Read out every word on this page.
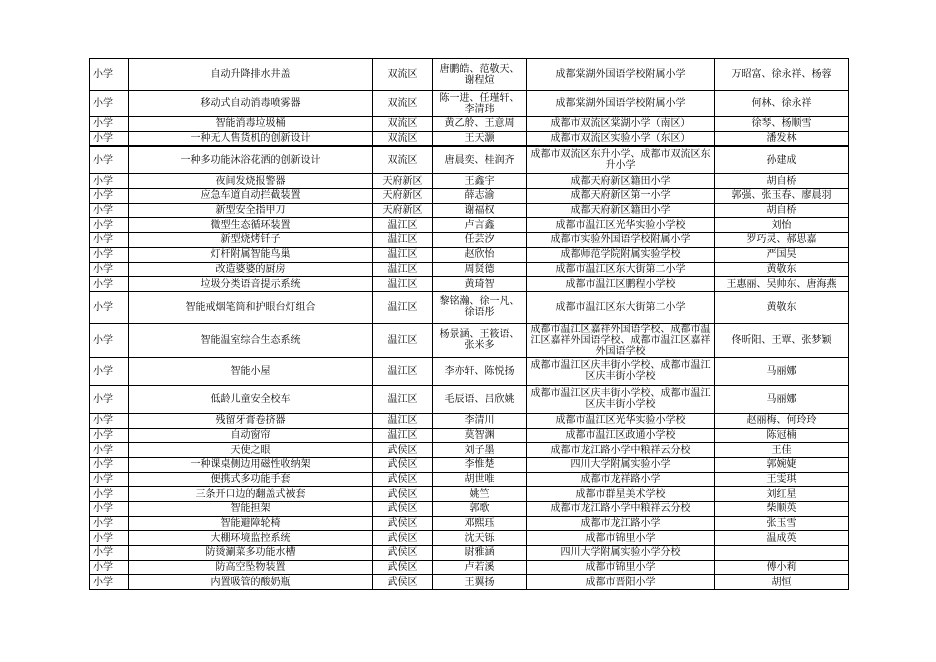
小学	自动升降排水井盖	双流区	唐鹏皓、范敬天、谢程煊	成都棠湖外国语学校附属小学	万昭富、徐永祥、杨蓉
小学	移动式自动消毒喷雾器	双流区	陈一进、任瑾轩、李清玮	成都棠湖外国语学校附属小学	何林、徐永祥
小学	智能消毒垃圾桶	双流区	黄乙舲、王意周	成都市双流区棠湖小学（南区）	徐琴、杨顺雪
小学	一种无人售货机的创新设计	双流区	王天灏	成都市双流区实验小学（东区）	潘发林
小学	一种多功能沐浴花洒的创新设计	双流区	唐晨奕、桂润齐	成都市双流区东升小学、成都市双流区东升小学	孙建成
小学	夜间发烧报警器	天府新区	王鑫宇	成都天府新区籍田小学	胡自桥
小学	应急车道自动拦截装置	天府新区	薛志渝	成都天府新区第一小学	郭强、张玉春、廖晨羽
小学	新型安全指甲刀	天府新区	谢福权	成都天府新区籍田小学	胡自桥
小学	微型生态循环装置	温江区	卢言鑫	成都市温江区光华实验小学校	刘怡
小学	新型烧烤钎子	温江区	任芸汐	成都市实验外国语学校附属小学	罗巧灵、郝思嘉
小学	灯杆附属智能鸟巢	温江区	赵欣怡	成都师范学院附属实验学校	严国昊
小学	改造婆婆的厨房	温江区	周贤德	成都市温江区东大街第二小学	黄敬东
小学	垃圾分类语音提示系统	温江区	黄琦智	成都市温江区鹏程小学校	王惠丽、吴帅东、唐海燕
小学	智能戒烟笔筒和护眼台灯组合	温江区	黎铭瀚、徐一凡、徐语彤	成都市温江区东大街第二小学	黄敬东
小学	智能温室综合生态系统	温江区	杨景涵、王筱语、张米多	成都市温江区嘉祥外国语学校、成都市温江区嘉祥外国语学校、成都市温江区嘉祥外国语学校	佟昕阳、王覃、张梦颖
小学	智能小屋	温江区	李亦轩、陈悦扬	成都市温江区庆丰街小学校、成都市温江区庆丰街小学校	马丽娜
小学	低龄儿童安全校车	温江区	毛辰语、吕欣姚	成都市温江区庆丰街小学校、成都市温江区庆丰街小学校	马丽娜
小学	残留牙膏卷挤器	温江区	李清川	成都市温江区光华实验小学校	赵丽梅、何玲玲
小学	自动窗帘	温江区	莫智渊	成都市温江区政通小学校	陈冠楠
小学	天使之眼	武侯区	刘子墨	成都市龙江路小学中粮祥云分校	王佳
小学	一种课桌侧边用磁性收纳架	武侯区	李惟楚	四川大学附属实验小学	郭婉婕
小学	便携式多功能手套	武侯区	胡世唯	成都市龙祥路小学	王雯琪
小学	三条开口边的翻盖式被套	武侯区	姚竺	成都市群星美术学校	刘红星
小学	智能担架	武侯区	郭歌	成都市龙江路小学中粮祥云分校	柴顺英
小学	智能避障轮椅	武侯区	邓熙珏	成都市龙江路小学	张玉雪
小学	大棚环境监控系统	武侯区	沈天铄	成都市锦里小学	温成英
小学	防烫涮菜多功能水槽	武侯区	尉雅涵	四川大学附属实验小学分校	
小学	防高空坠物装置	武侯区	卢若溪	成都市锦里小学	傅小莉
小学	内置吸管的酸奶瓶	武侯区	王翼扬	成都市晋阳小学	胡恒
